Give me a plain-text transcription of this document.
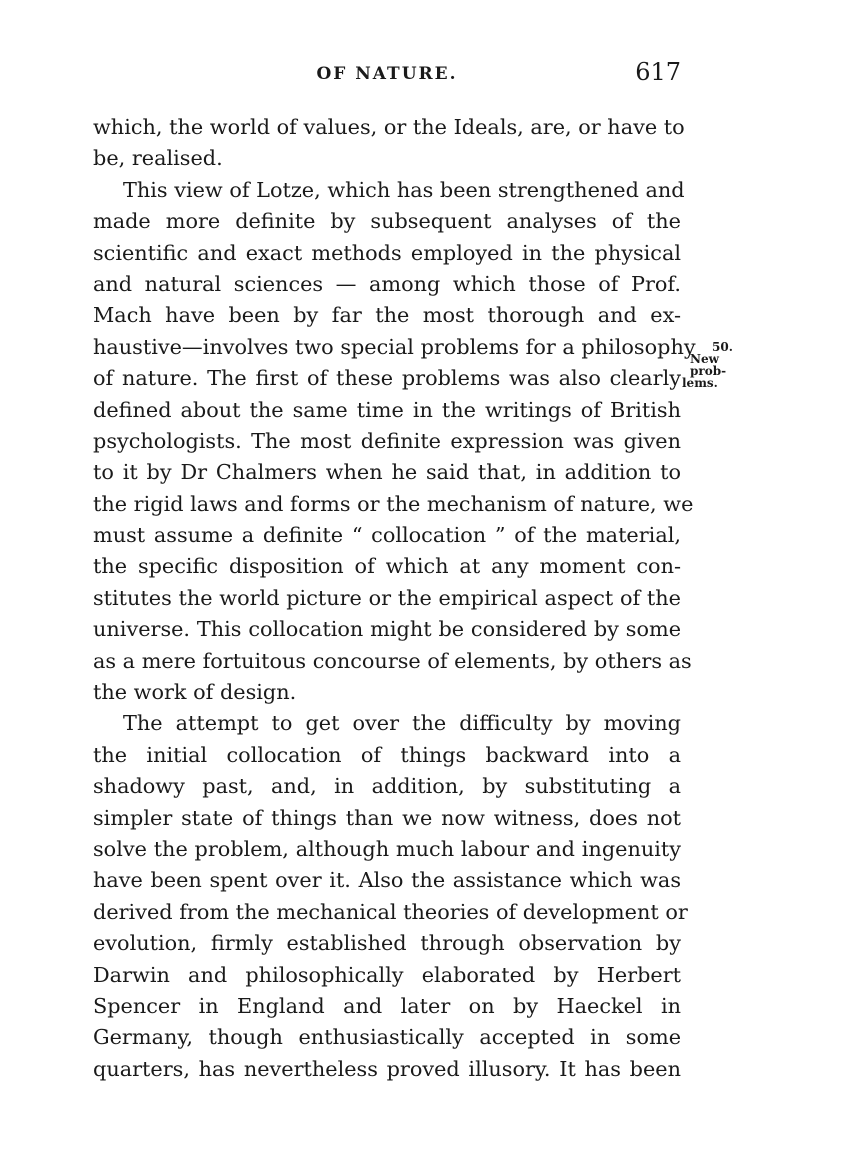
OF NATURE.	617
which, the world of values, or the Ideals, are, or have to
be, realised.
This view of Lotze, which has been strengthened and
made more definite by subsequent analyses of the
scientific and exact methods employed in the physical
and natural sciences — among which those of Prof.
Mach have been by far the most thorough and ex-
haustive—involves two special problems for a philosophy
of nature. The first of these problems was also clearly
defined about the same time in the writings of British
psychologists. The most definite expression was given
to it by Dr Chalmers when he said that, in addition to
the rigid laws and forms or the mechanism of nature, we
must assume a definite “ collocation ” of the material,
the specific disposition of which at any moment con-
stitutes the world picture or the empirical aspect of the
universe. This collocation might be considered by some
as a mere fortuitous concourse of elements, by others as
the work of design.
The attempt to get over the difficulty by moving
the initial collocation of things backward into a
shadowy past, and, in addition, by substituting a
simpler state of things than we now witness, does not
solve the problem, although much labour and ingenuity
have been spent over it. Also the assistance which was
derived from the mechanical theories of development or
evolution, firmly established through observation by
Darwin and philosophically elaborated by Herbert
Spencer in England and later on by Haeckel in
Germany, though enthusiastically accepted in some
quarters, has nevertheless proved illusory. It has been
50.
New prob-
lems.
